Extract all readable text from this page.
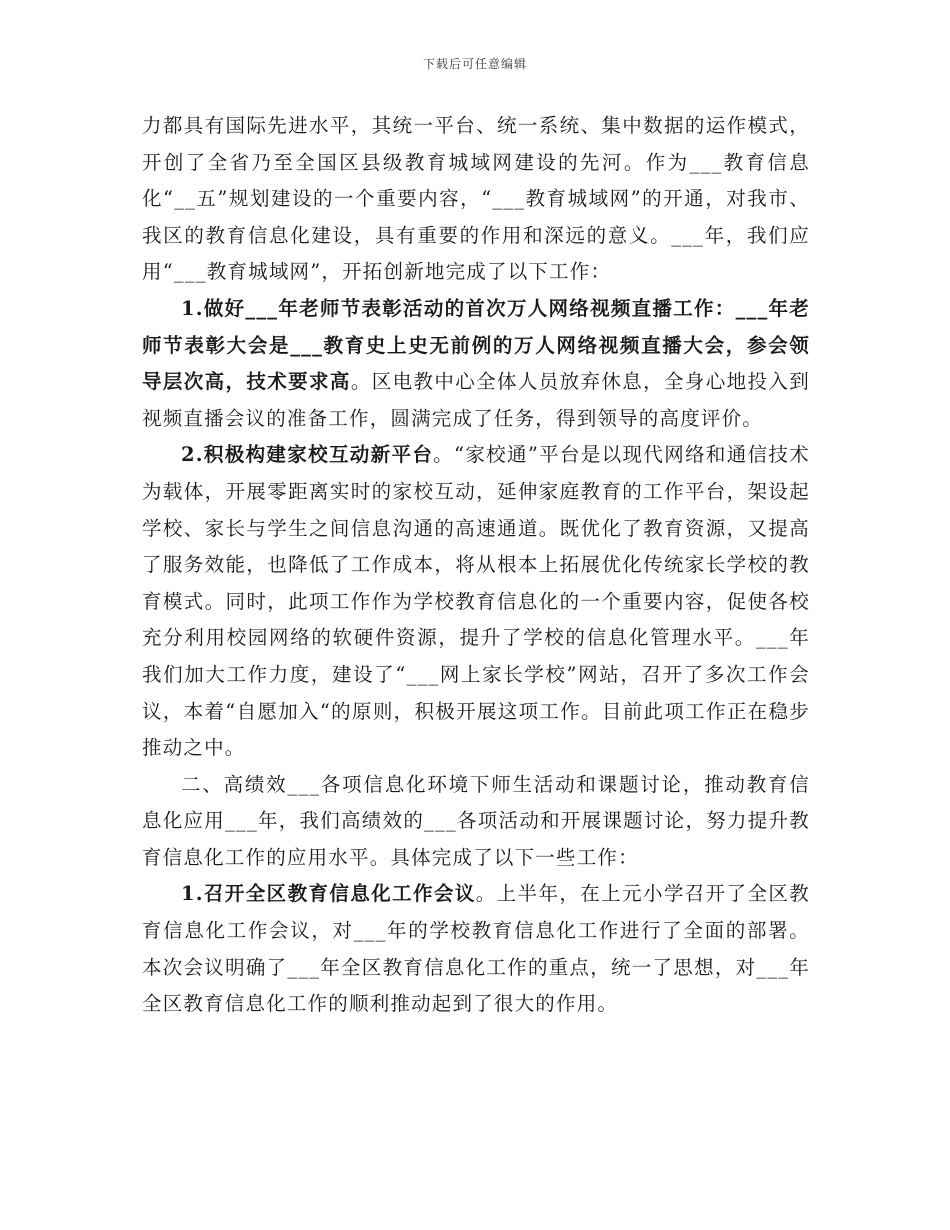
下载后可任意编辑

力都具有国际先进水平，其统一平台、统一系统、集中数据的运作模式，开创了全省乃至全国区县级教育城域网建设的先河。作为___教育信息化“__五”规划建设的一个重要内容，“___教育城域网”的开通，对我市、我区的教育信息化建设，具有重要的作用和深远的意义。___年，我们应用“___教育城域网”，开拓创新地完成了以下工作：

1.做好___年老师节表彰活动的首次万人网络视频直播工作：___年老师节表彰大会是___教育史上史无前例的万人网络视频直播大会，参会领导层次高，技术要求高。区电教中心全体人员放弃休息，全身心地投入到视频直播会议的准备工作，圆满完成了任务，得到领导的高度评价。

2.积极构建家校互动新平台。“家校通”平台是以现代网络和通信技术为载体，开展零距离实时的家校互动，延伸家庭教育的工作平台，架设起学校、家长与学生之间信息沟通的高速通道。既优化了教育资源，又提高了服务效能，也降低了工作成本，将从根本上拓展优化传统家长学校的教育模式。同时，此项工作作为学校教育信息化的一个重要内容，促使各校充分利用校园网络的软硬件资源，提升了学校的信息化管理水平。___年我们加大工作力度，建设了“___网上家长学校”网站，召开了多次工作会议，本着“自愿加入“的原则，积极开展这项工作。目前此项工作正在稳步推动之中。

二、高绩效___各项信息化环境下师生活动和课题讨论，推动教育信息化应用___年，我们高绩效的___各项活动和开展课题讨论，努力提升教育信息化工作的应用水平。具体完成了以下一些工作：

1.召开全区教育信息化工作会议。上半年，在上元小学召开了全区教育信息化工作会议，对___年的学校教育信息化工作进行了全面的部署。本次会议明确了___年全区教育信息化工作的重点，统一了思想，对___年全区教育信息化工作的顺利推动起到了很大的作用。
